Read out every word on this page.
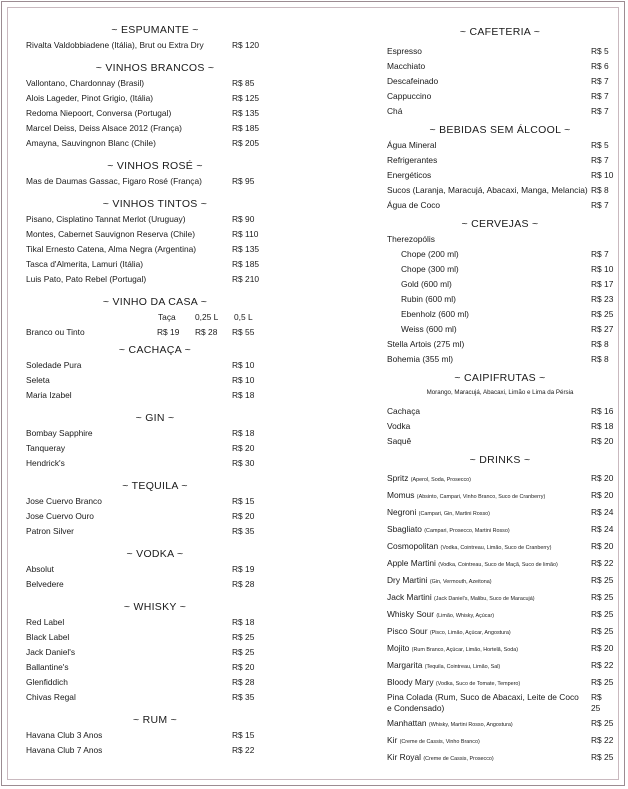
~ ESPUMANTE ~
Rivalta Valdobbiadene (Itália), Brut ou Extra Dry	R$ 120
~ VINHOS BRANCOS ~
Vallontano, Chardonnay (Brasil)	R$ 85
Alois Lageder, Pinot Grigio, (Itália)	R$ 125
Redoma Niepoort, Conversa (Portugal)	R$ 135
Marcel Deiss, Deiss Alsace 2012 (França)	R$ 185
Amayna, Sauvingnon Blanc (Chile)	R$ 205
~ VINHOS ROSÉ ~
Mas de Daumas Gassac, Figaro Rosé (França)	R$ 95
~ VINHOS TINTOS ~
Pisano, Cisplatino Tannat Merlot (Uruguay)	R$ 90
Montes, Cabernet Sauvignon Reserva (Chile)	R$ 110
Tikal Ernesto Catena, Alma Negra (Argentina)	R$ 135
Tasca d'Almerita, Lamuri (Itália)	R$ 185
Luis Pato, Pato Rebel (Portugal)	R$ 210
~ VINHO DA CASA ~
Taça 0,25 L 0,5 L
Branco ou Tinto	R$ 19 R$ 28 R$ 55
~ CACHAÇA ~
Soledade Pura	R$ 10
Seleta	R$ 10
Maria Izabel	R$ 18
~ GIN ~
Bombay Sapphire	R$ 18
Tanqueray	R$ 20
Hendrick's	R$ 30
~ TEQUILA ~
Jose Cuervo Branco	R$ 15
Jose Cuervo Ouro	R$ 20
Patron Silver	R$ 35
~ VODKA ~
Absolut	R$ 19
Belvedere	R$ 28
~ WHISKY ~
Red Label	R$ 18
Black Label	R$ 25
Jack Daniel's	R$ 25
Ballantine's	R$ 20
Glenfiddich	R$ 28
Chivas Regal	R$ 35
~ RUM ~
Havana Club 3 Anos	R$ 15
Havana Club 7 Anos	R$ 22
~ CAFETERIA ~
Espresso	R$ 5
Macchiato	R$ 6
Descafeinado	R$ 7
Cappuccino	R$ 7
Chá	R$ 7
~ BEBIDAS SEM ÁLCOOL ~
Água Mineral	R$ 5
Refrigerantes	R$ 7
Energéticos	R$ 10
Sucos (Laranja, Maracujá, Abacaxi, Manga, Melancia) R$ 8
Água de Coco	R$ 7
~ CERVEJAS ~
Therezopólis
Chope (200 ml)	R$ 7
Chope (300 ml)	R$ 10
Gold (600 ml)	R$ 17
Rubin (600 ml)	R$ 23
Ebenholz (600 ml)	R$ 25
Weiss (600 ml)	R$ 27
Stella Artois (275 ml)	R$ 8
Bohemia (355 ml)	R$ 8
~ CAIPIFRUTAS ~
Morango, Maracujá, Abacaxi, Limão e Lima da Pérsia
Cachaça	R$ 16
Vodka	R$ 18
Saquê	R$ 20
~ DRINKS ~
Spritz (Aperol, Soda, Prosecco)	R$ 20
Momus (Absinto, Campari, Vinho Branco, Suco de Cranberry)	R$ 20
Negroni (Campari, Gin, Martini Rosso)	R$ 24
Sbagliato (Campari, Prosecco, Martini Rosso)	R$ 24
Cosmopolitan (Vodka, Cointreau, Limão, Suco de Cranberry)	R$ 20
Apple Martini (Vodka, Cointreau, Suco de Maçã, Suco de limão)	R$ 22
Dry Martini (Gin, Vermouth, Azeitona)	R$ 25
Jack Martini (Jack Daniel's, Malibu, Suco de Maracujá)	R$ 25
Whisky Sour (Limão, Whisky, Açúcar)	R$ 25
Pisco Sour (Pisco, Limão, Açúcar, Angostura)	R$ 25
Mojito (Rum Branco, Açúcar, Limão, Hortelã, Soda)	R$ 20
Margarita (Tequila, Cointreau, Limão, Sal)	R$ 22
Bloody Mary (Vodka, Suco de Tomate, Tempero)	R$ 25
Pina Colada (Rum, Suco de Abacaxi, Leite de Coco e Condensado)
R$ 25
Manhattan (Whisky, Martini Rosso, Angostura)	R$ 25
Kir (Creme de Cassis, Vinho Branco)	R$ 22
Kir Royal (Creme de Cassis, Prosecco)	R$ 25
